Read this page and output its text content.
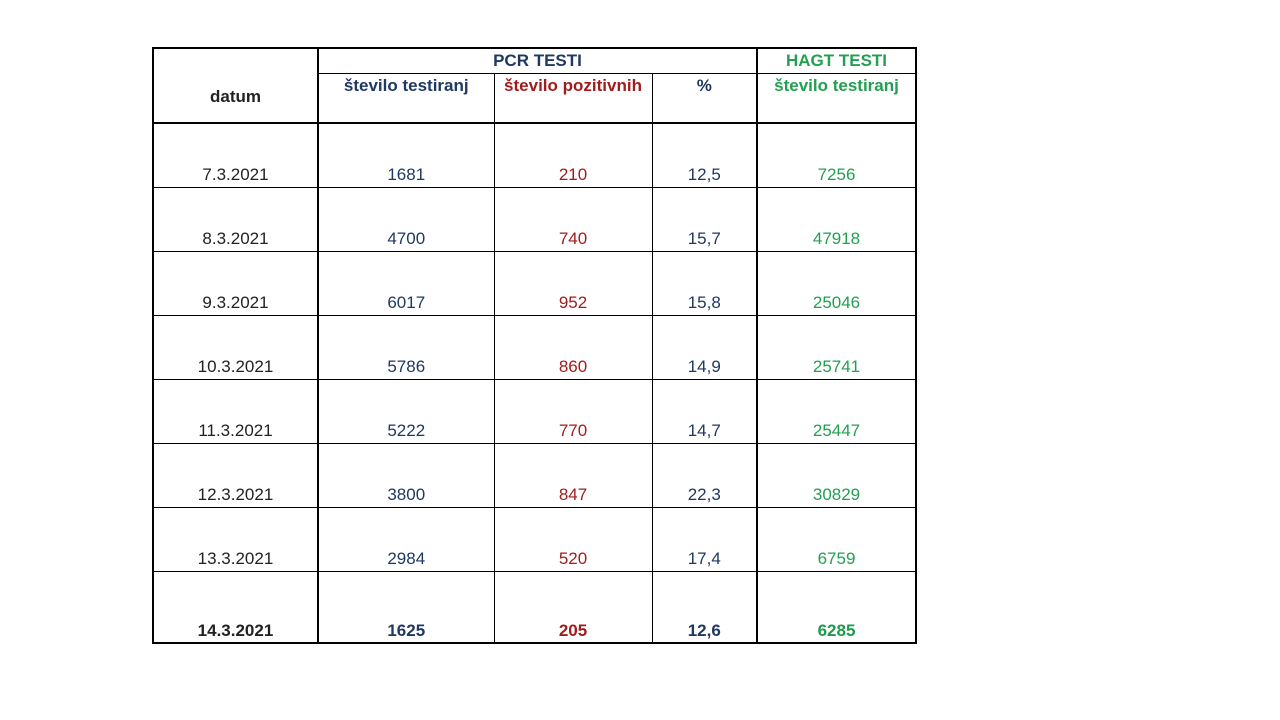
datum	PCR TESTI			HAGT TESTI
	število testiranj	število pozitivnih	%	število testiranj
7.3.2021	1681	210	12,5	7256
8.3.2021	4700	740	15,7	47918
9.3.2021	6017	952	15,8	25046
10.3.2021	5786	860	14,9	25741
11.3.2021	5222	770	14,7	25447
12.3.2021	3800	847	22,3	30829
13.3.2021	2984	520	17,4	6759
14.3.2021	1625	205	12,6	6285
